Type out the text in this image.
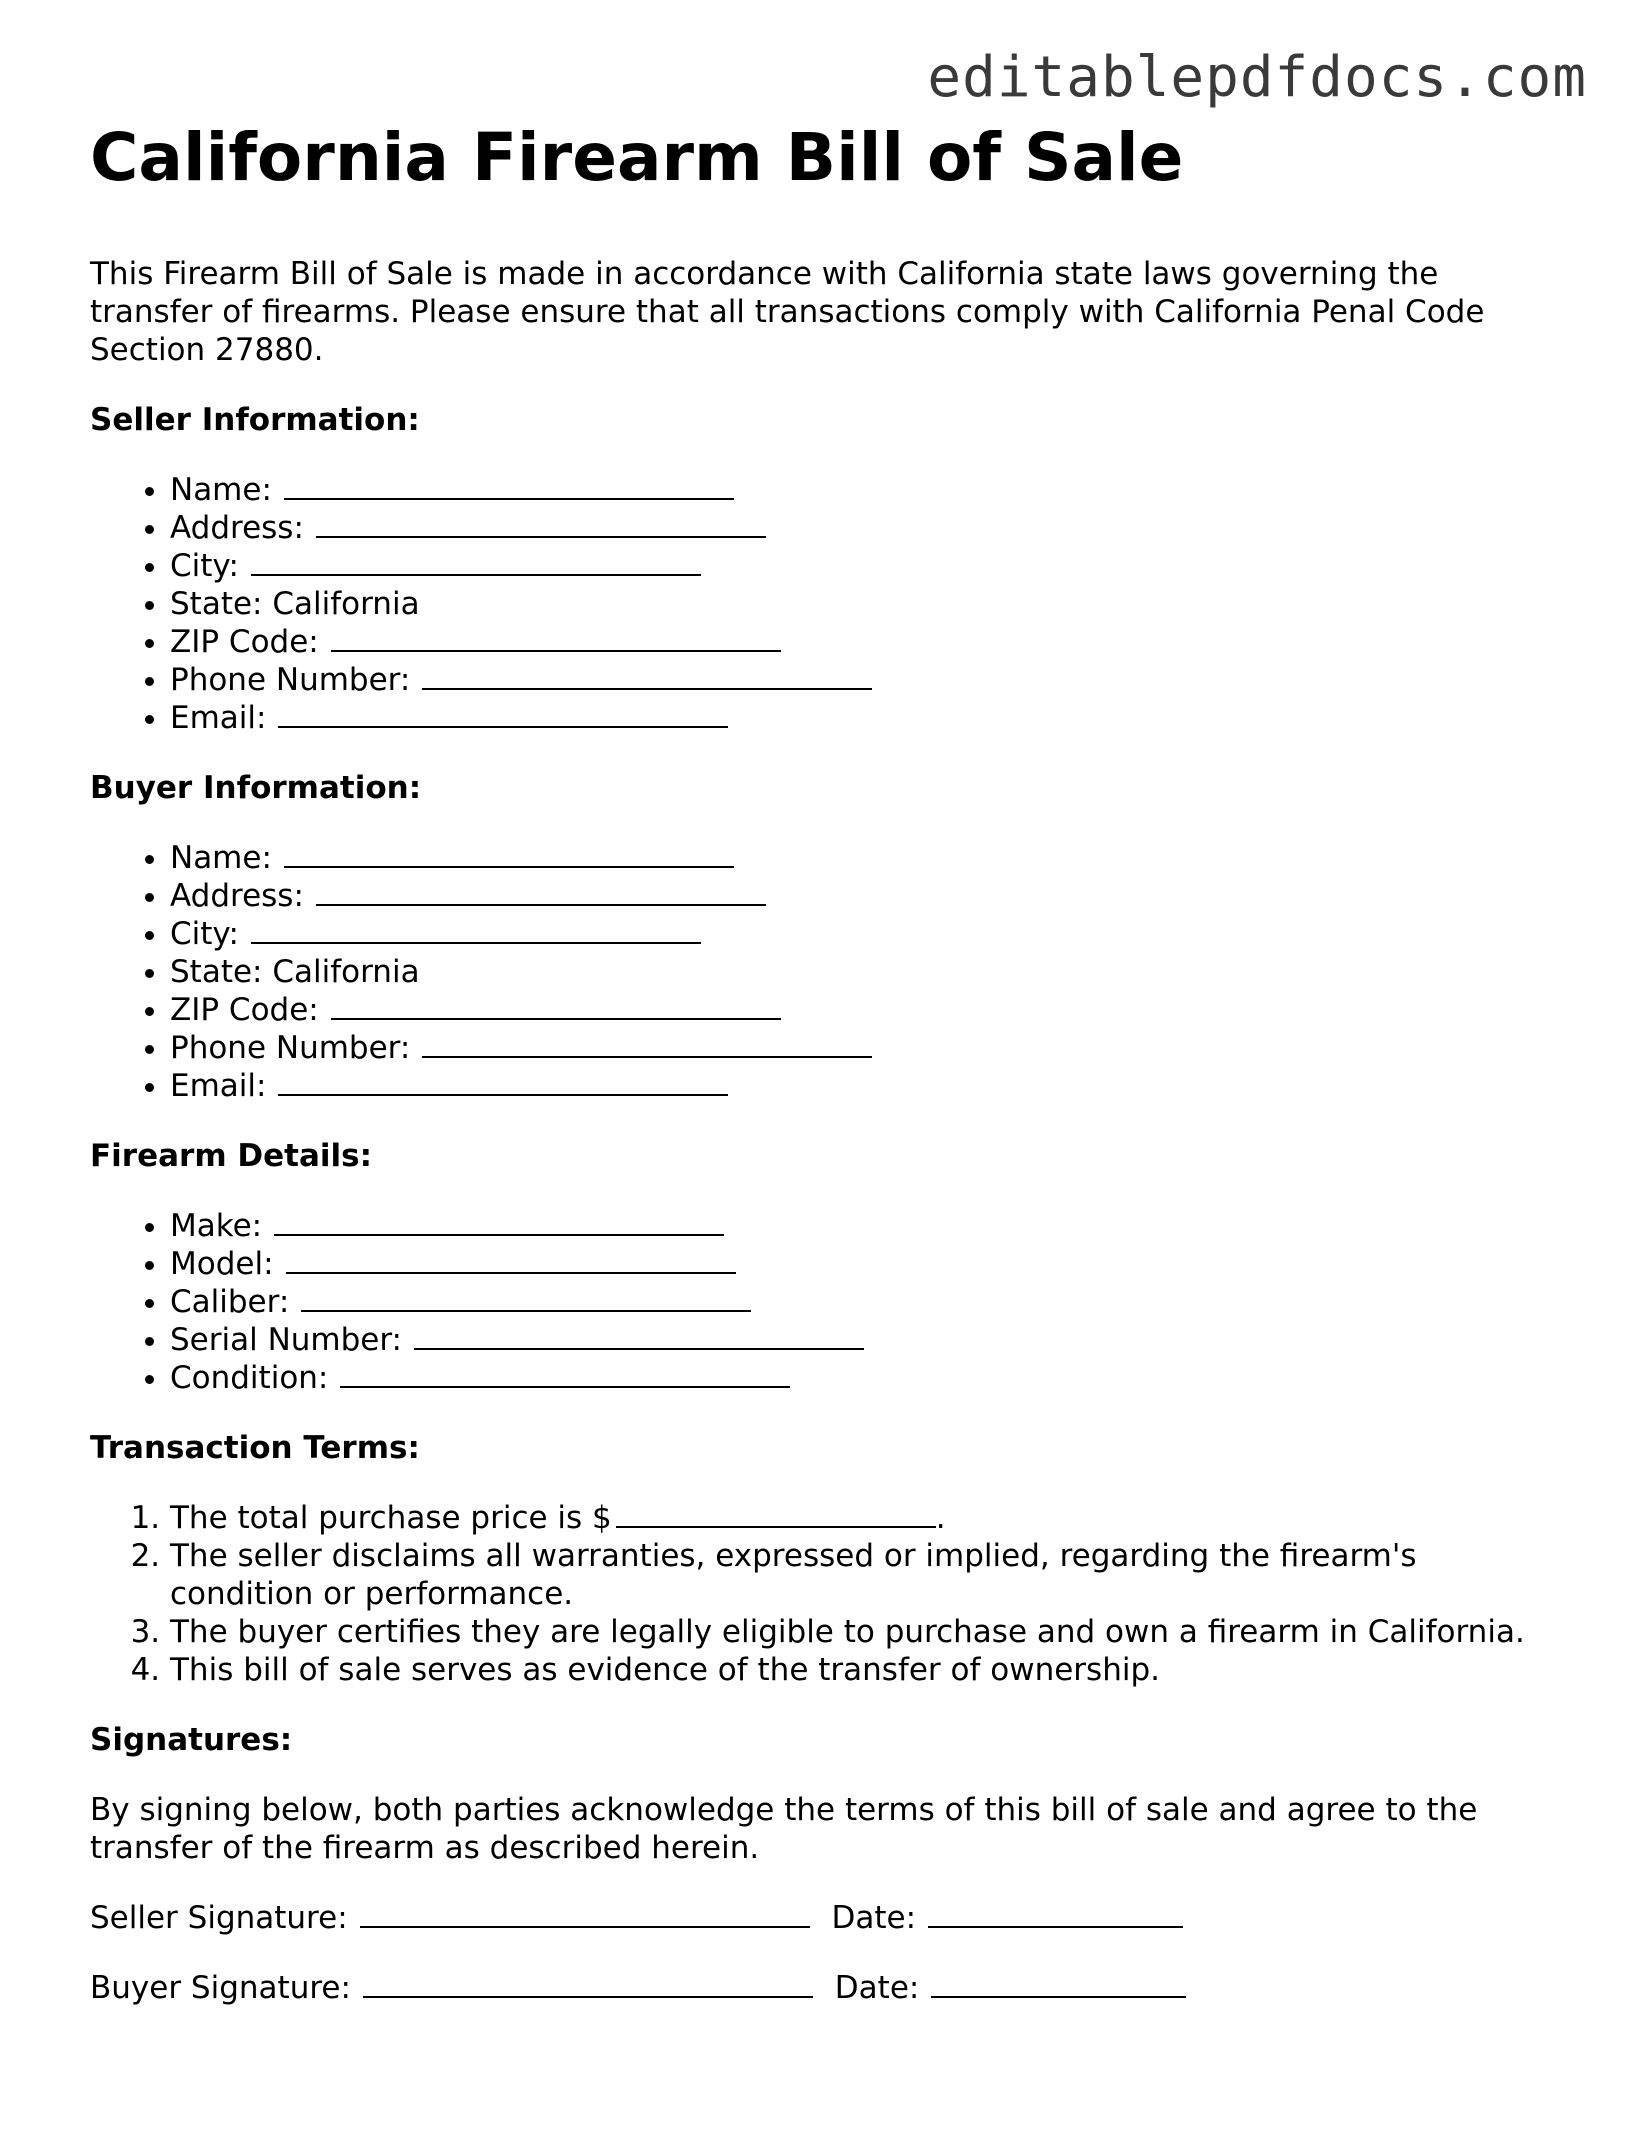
editablepdfdocs.com
California Firearm Bill of Sale

This Firearm Bill of Sale is made in accordance with California state laws governing the transfer of firearms. Please ensure that all transactions comply with California Penal Code Section 27880.

Seller Information:
• Name:
• Address:
• City:
• State: California
• ZIP Code:
• Phone Number:
• Email:
Buyer Information:
• Name:
• Address:
• City:
• State: California
• ZIP Code:
• Phone Number:
• Email:
Firearm Details:
• Make:
• Model:
• Caliber:
• Serial Number:
• Condition:
Transaction Terms:
1. The total purchase price is $	.
2. The seller disclaims all warranties, expressed or implied, regarding the firearm's condition or performance.
3. The buyer certifies they are legally eligible to purchase and own a firearm in California.
4. This bill of sale serves as evidence of the transfer of ownership.
Signatures:

By signing below, both parties acknowledge the terms of this bill of sale and agree to the transfer of the firearm as described herein.

Seller Signature:	Date:
Buyer Signature:	Date:
